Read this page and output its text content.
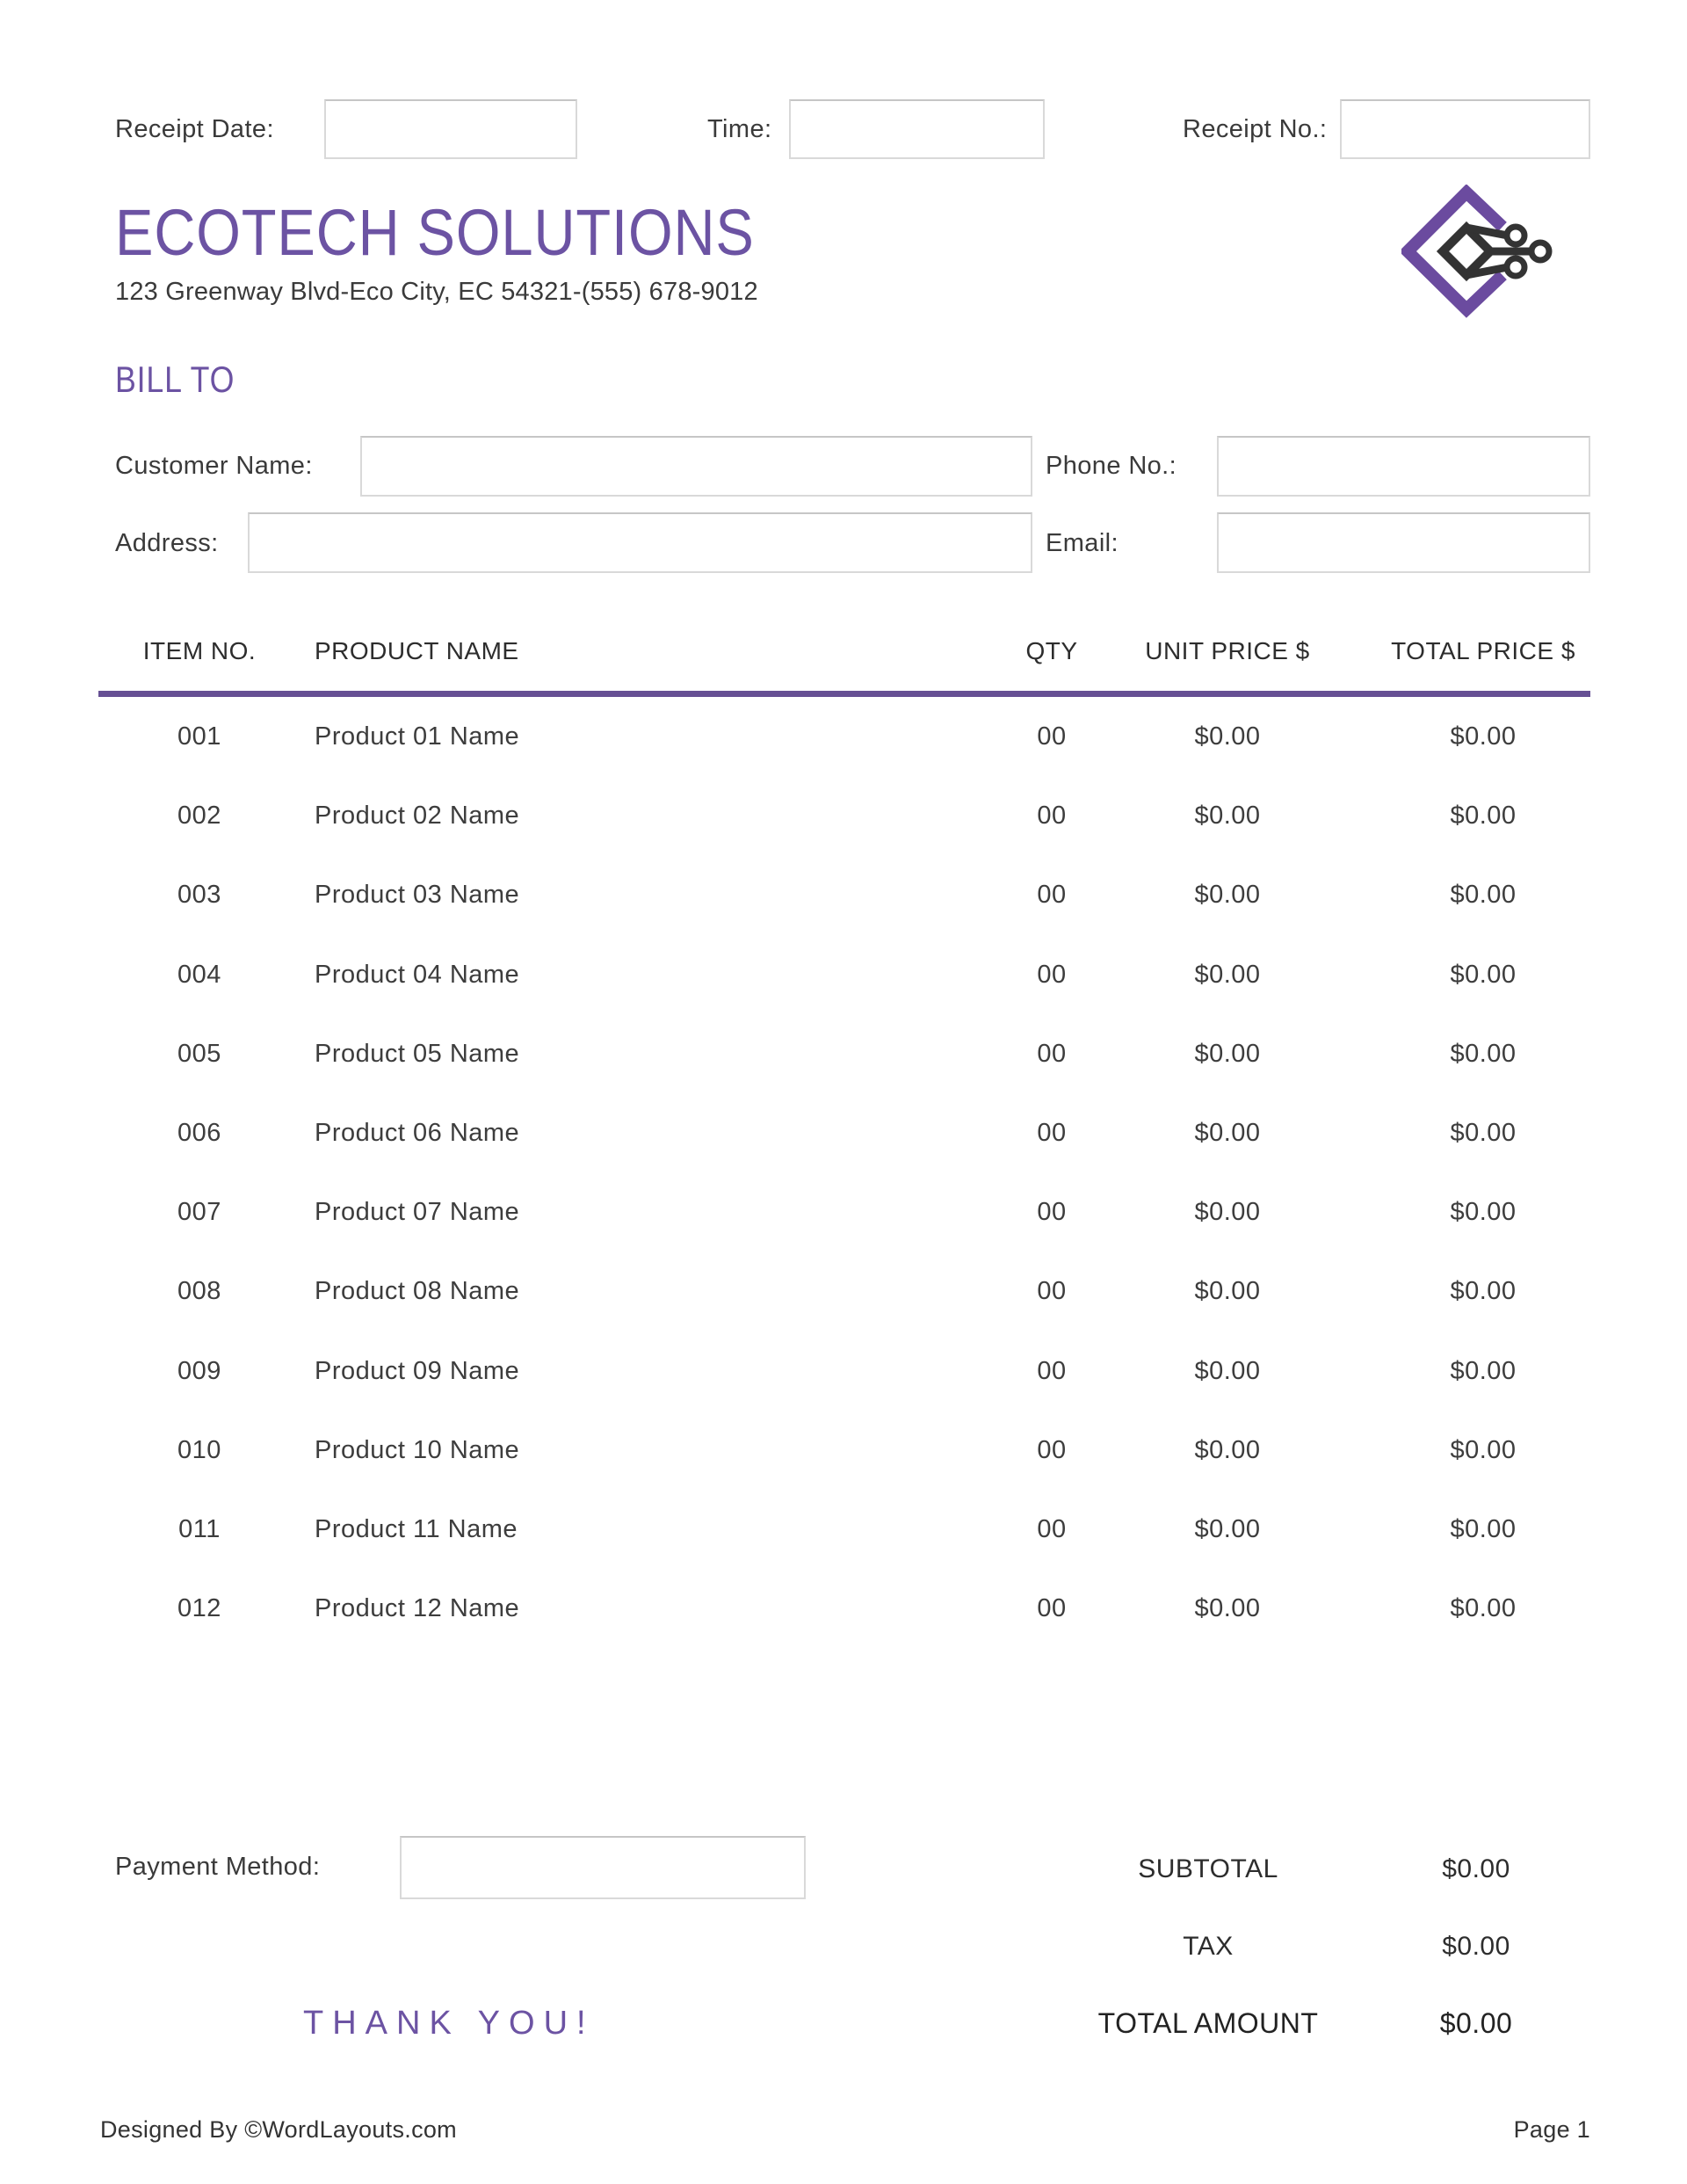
Receipt Date:	Time:	Receipt No.:
ECOTECH SOLUTIONS
123 Greenway Blvd-Eco City, EC 54321-(555) 678-9012
BILL TO
Customer Name:	Phone No.:
Address:	Email:
ITEM NO.	PRODUCT NAME	QTY	UNIT PRICE $	TOTAL PRICE $
001	Product 01 Name	00	$0.00	$0.00
002	Product 02 Name	00	$0.00	$0.00
003	Product 03 Name	00	$0.00	$0.00
004	Product 04 Name	00	$0.00	$0.00
005	Product 05 Name	00	$0.00	$0.00
006	Product 06 Name	00	$0.00	$0.00
007	Product 07 Name	00	$0.00	$0.00
008	Product 08 Name	00	$0.00	$0.00
009	Product 09 Name	00	$0.00	$0.00
010	Product 10 Name	00	$0.00	$0.00
011	Product 11 Name	00	$0.00	$0.00
012	Product 12 Name	00	$0.00	$0.00
Payment Method:	SUBTOTAL	$0.00
TAX	$0.00
TOTAL AMOUNT	$0.00
THANK YOU!
Designed By ©WordLayouts.com	Page 1
